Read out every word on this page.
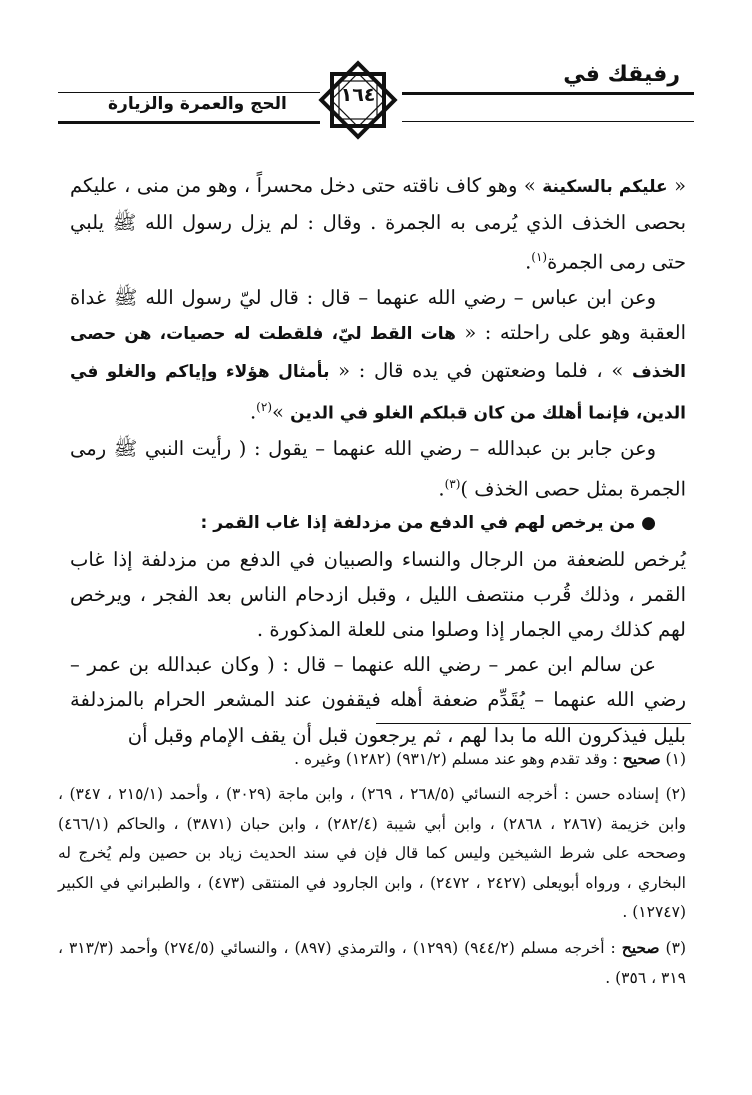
رفيقك في
الحج والعمرة والزيارة	١٦٤

« عليكم بالسكينة » وهو كاف ناقته حتى دخل محسراً ، وهو من منى ، عليكم بحصى الخذف الذي يُرمى به الجمرة . وقال : لم يزل رسول الله ﷺ يلبي حتى رمى الجمرة$^{(١)}$.

وعن ابن عباس – رضي الله عنهما – قال : قال ليّ رسول الله ﷺ غداة العقبة وهو على راحلته : « هات القط ليّ، فلقطت له حصيات، هن حصى الخذف » ، فلما وضعتهن في يده قال : « بأمثال هؤلاء وإياكم والغلو في الدين، فإنما أهلك من كان قبلكم الغلو في الدين »$^{(٢)}$.

وعن جابر بن عبدالله – رضي الله عنهما – يقول : ( رأيت النبي ﷺ رمى الجمرة بمثل حصى الخذف )$^{(٣)}$.

● من يرخص لهم في الدفع من مزدلفة إذا غاب القمر :

يُرخص للضعفة من الرجال والنساء والصبيان في الدفع من مزدلفة إذا غاب القمر ، وذلك قُرب منتصف الليل ، وقبل ازدحام الناس بعد الفجر ، ويرخص لهم كذلك رمي الجمار إذا وصلوا منى للعلة المذكورة .

عن سالم ابن عمر – رضي الله عنهما – قال : ( وكان عبدالله بن عمر – رضي الله عنهما – يُقَدِّم ضعفة أهله فيقفون عند المشعر الحرام بالمزدلفة بليل فيذكرون الله ما بدا لهم ، ثم يرجعون قبل أن يقف الإمام وقبل أن

(١) صحيح : وقد تقدم وهو عند مسلم (٩٣١/٢) (١٢٨٢) وغيره .

(٢) إسناده حسن : أخرجه النسائي (٢٦٨/٥ ، ٢٦٩) ، وابن ماجة (٣٠٢٩) ، وأحمد (٢١٥/١ ، ٣٤٧) ، وابن خزيمة (٢٨٦٧ ، ٢٨٦٨) ، وابن أبي شيبة (٢٨٢/٤) ، وابن حبان (٣٨٧١) ، والحاكم (٤٦٦/١) وصححه على شرط الشيخين وليس كما قال فإن في سند الحديث زياد بن حصين ولم يُخرج له البخاري ، ورواه أبويعلى (٢٤٢٧ ، ٢٤٧٢) ، وابن الجارود في المنتقى (٤٧٣) ، والطبراني في الكبير (١٢٧٤٧) .

(٣) صحيح : أخرجه مسلم (٩٤٤/٢) (١٢٩٩) ، والترمذي (٨٩٧) ، والنسائي (٢٧٤/٥) وأحمد (٣١٣/٣ ، ٣١٩ ، ٣٥٦) .
